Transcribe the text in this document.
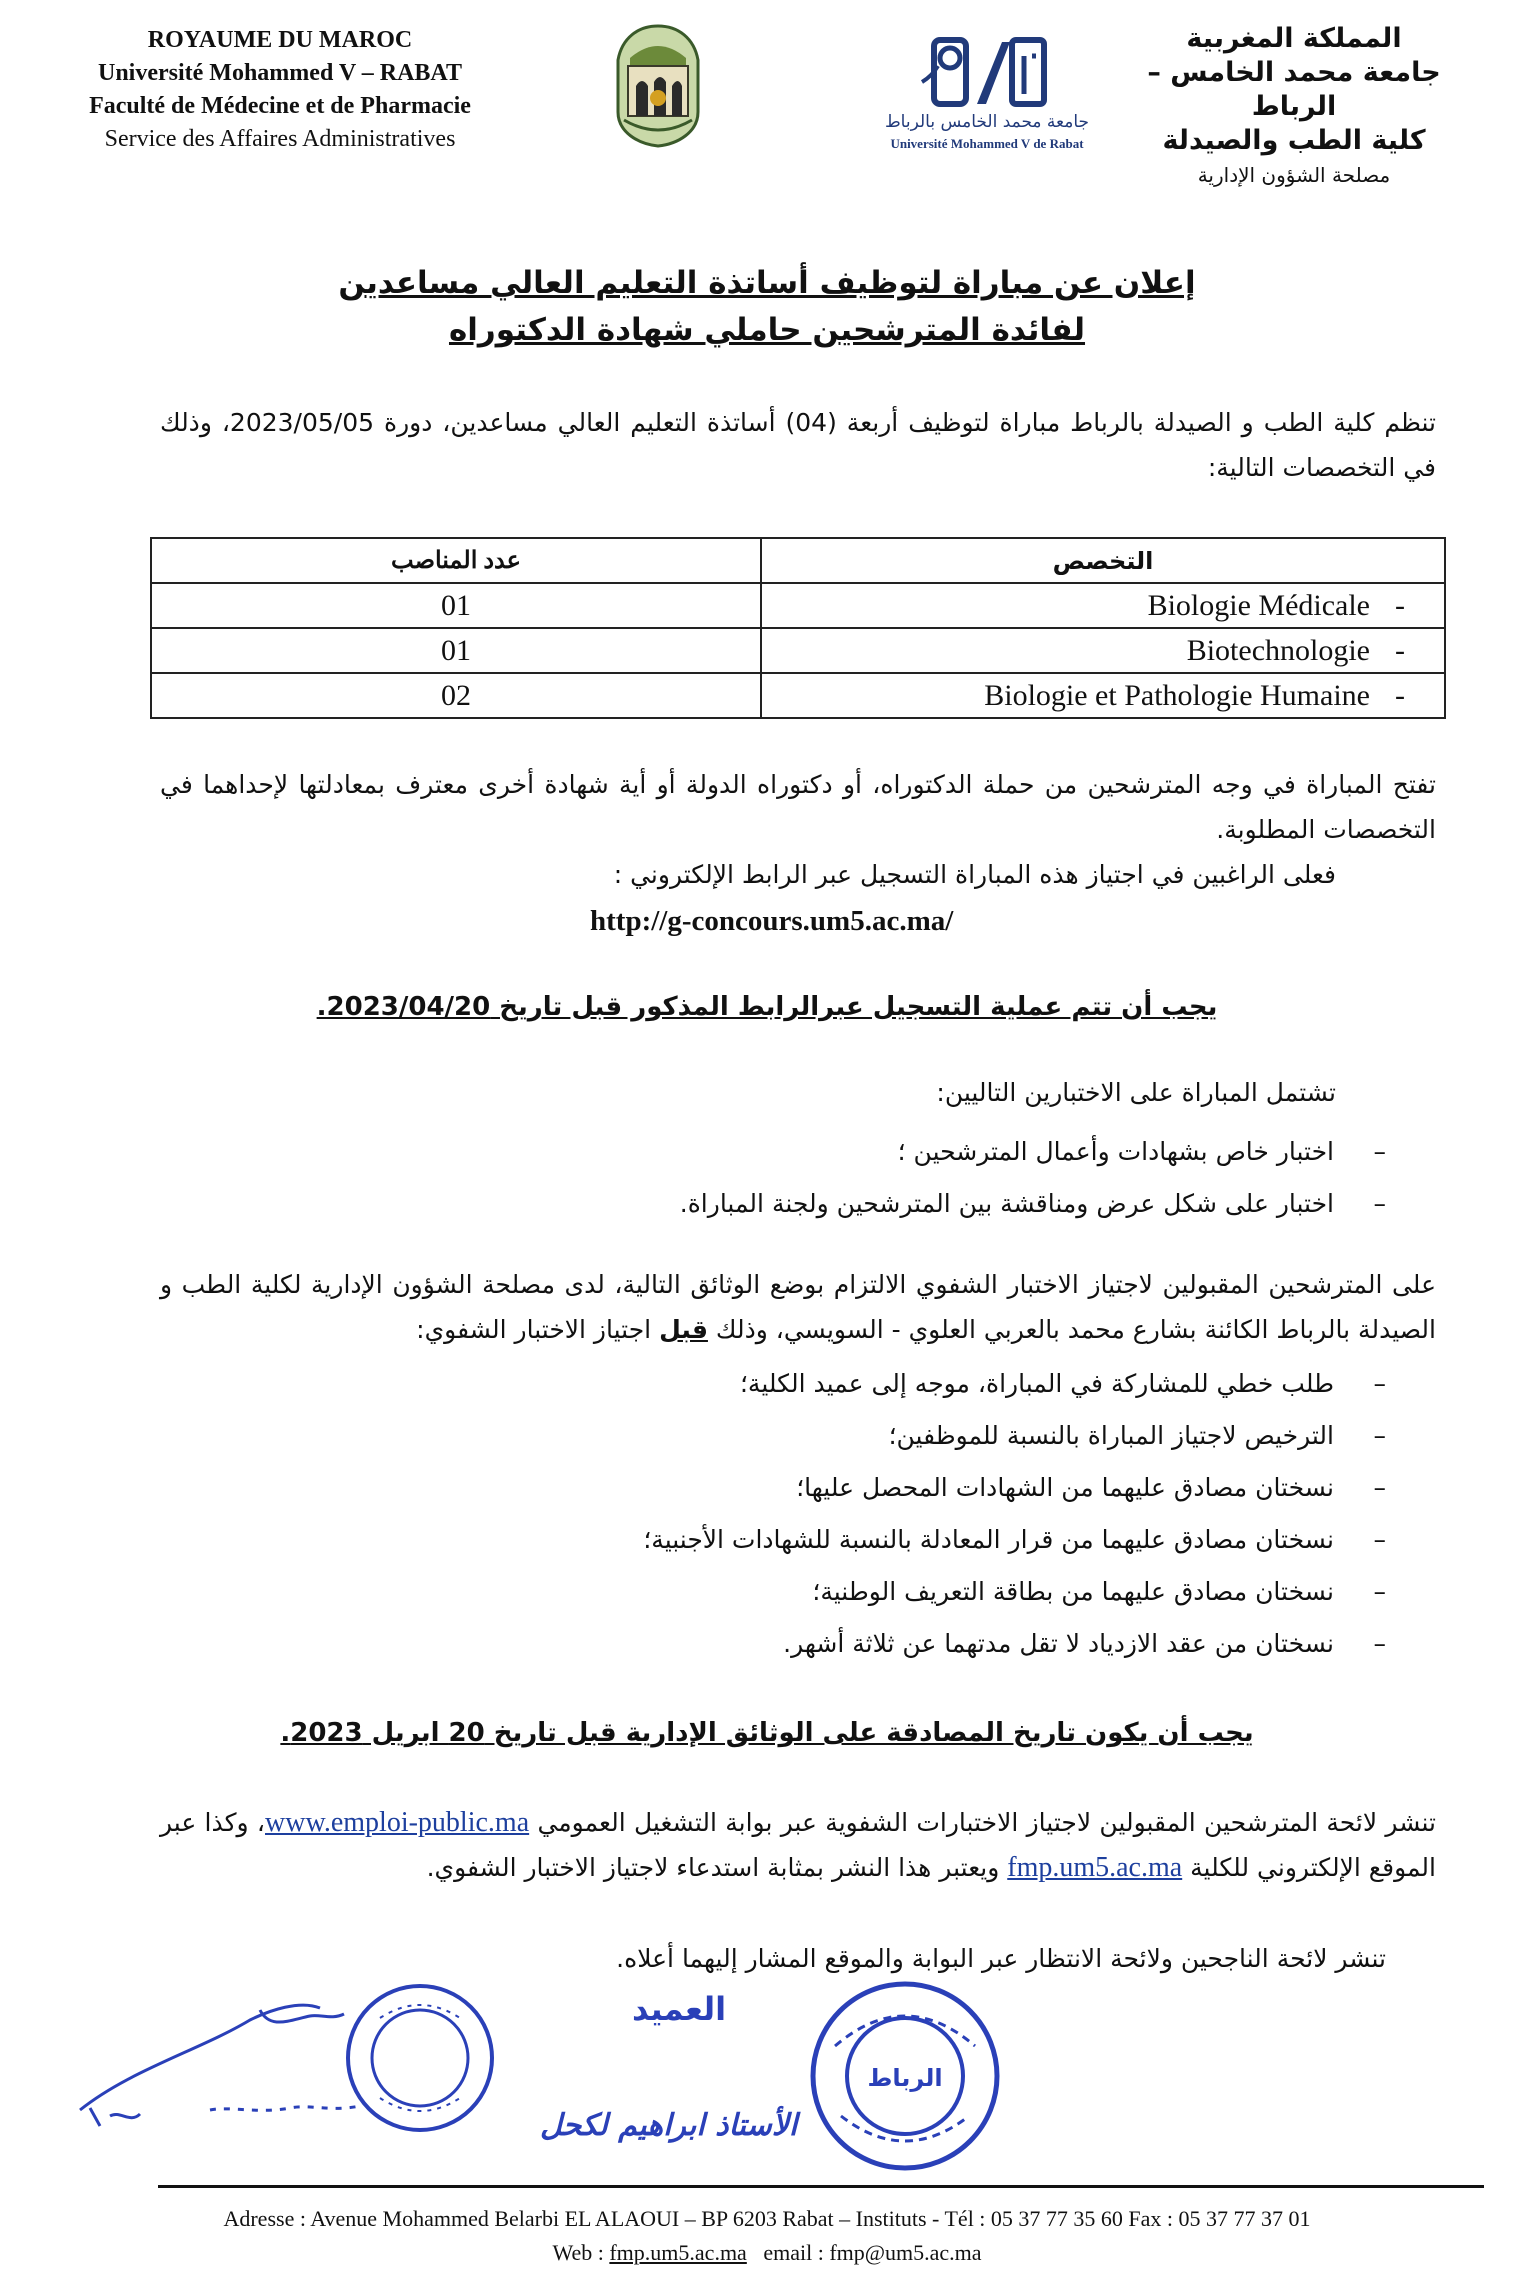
ROYAUME DU MAROC
Université Mohammed V – RABAT
Faculté de Médecine et de Pharmacie
Service des Affaires Administratives
جامعة محمد الخامس بالرباط
Université Mohammed V de Rabat
المملكة المغربية
جامعة محمد الخامس – الرباط
كلية الطب والصيدلة
مصلحة الشؤون الإدارية
إعلان عن مباراة لتوظيف أساتذة التعليم العالي مساعدين
لفائدة المترشحين حاملي شهادة الدكتوراه
تنظم كلية الطب و الصيدلة بالرباط مباراة لتوظيف أربعة (04) أساتذة التعليم العالي مساعدين، دورة 2023/05/05، وذلك في التخصصات التالية:
عدد المناصب	التخصص
01	Biologie Médicale -
01	Biotechnologie -
02	Biologie et Pathologie Humaine -
تفتح المباراة في وجه المترشحين من حملة الدكتوراه، أو دكتوراه الدولة أو أية شهادة أخرى معترف بمعادلتها لإحداهما في التخصصات المطلوبة.
فعلى الراغبين في اجتياز هذه المباراة التسجيل عبر الرابط الإلكتروني :
http://g-concours.um5.ac.ma/
يجب أن تتم عملية التسجيل عبرالرابط المذكور قبل تاريخ 2023/04/20.
تشتمل المباراة على الاختبارين التاليين:
–اختبار خاص بشهادات وأعمال المترشحين ؛
–اختبار على شكل عرض ومناقشة بين المترشحين ولجنة المباراة.
على المترشحين المقبولين لاجتياز الاختبار الشفوي الالتزام بوضع الوثائق التالية، لدى مصلحة الشؤون الإدارية لكلية الطب و الصيدلة بالرباط الكائنة بشارع محمد بالعربي العلوي - السويسي، وذلك قبل اجتياز الاختبار الشفوي:
–طلب خطي للمشاركة في المباراة، موجه إلى عميد الكلية؛
–الترخيص لاجتياز المباراة بالنسبة للموظفين؛
–نسختان مصادق عليهما من الشهادات المحصل عليها؛
–نسختان مصادق عليهما من قرار المعادلة بالنسبة للشهادات الأجنبية؛
–نسختان مصادق عليهما من بطاقة التعريف الوطنية؛
–نسختان من عقد الازدياد لا تقل مدتهما عن ثلاثة أشهر.
يجب أن يكون تاريخ المصادقة على الوثائق الإدارية قبل تاريخ 20 ابريل 2023.
تنشر لائحة المترشحين المقبولين لاجتياز الاختبارات الشفوية عبر بوابة التشغيل العمومي www.emploi-public.ma، وكذا عبر الموقع الإلكتروني للكلية fmp.um5.ac.ma ويعتبر هذا النشر بمثابة استدعاء لاجتياز الاختبار الشفوي.
تنشر لائحة الناجحين ولائحة الانتظار عبر البوابة والموقع المشار إليهما أعلاه.
العميد
الرباط
الأستاذ ابراهيم لكحل
Adresse : Avenue Mohammed Belarbi EL ALAOUI – BP 6203 Rabat – Instituts - Tél : 05 37 77 35 60 Fax : 05 37 77 37 01
Web : fmp.um5.ac.ma email : fmp@um5.ac.ma
